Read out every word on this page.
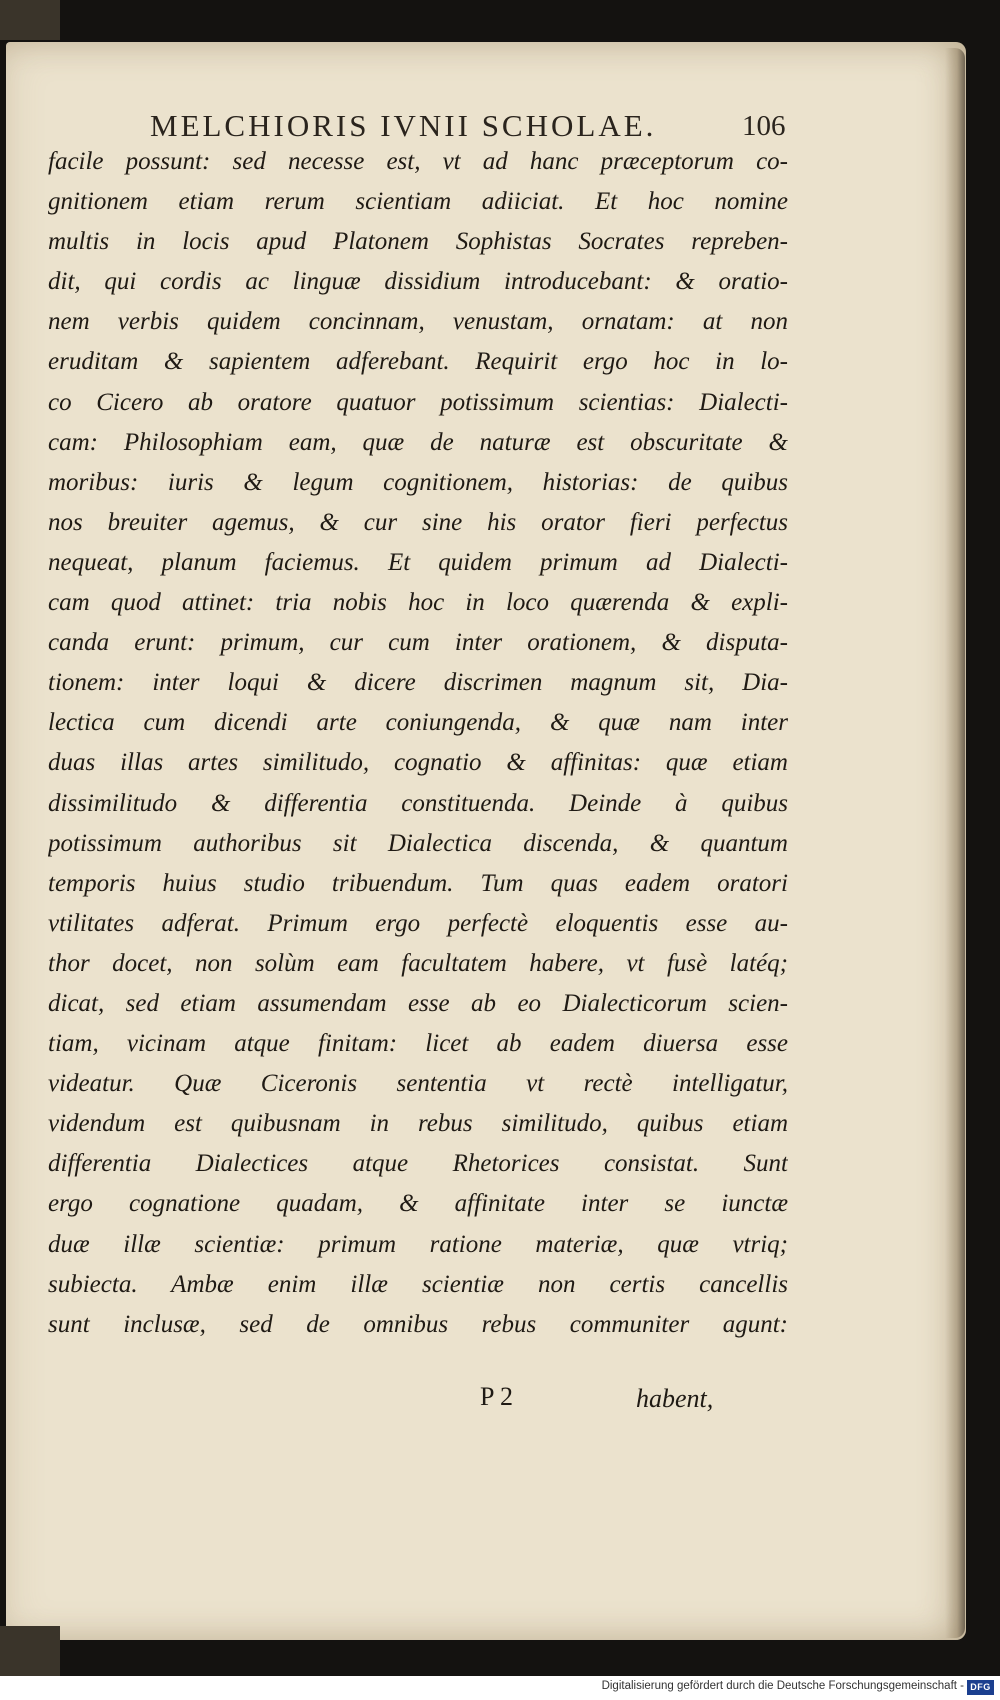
MELCHIORIS IVNII SCHOLAE.	106
facile possunt: sed necesse est, vt ad hanc præceptorum co-
gnitionem etiam rerum scientiam adiiciat. Et hoc nomine
multis in locis apud Platonem Sophistas Socrates repreben-
dit, qui cordis ac linguæ dissidium introducebant: & oratio-
nem verbis quidem concinnam, venustam, ornatam: at non
eruditam & sapientem adferebant. Requirit ergo hoc in lo-
co Cicero ab oratore quatuor potissimum scientias: Dialecti-
cam: Philosophiam eam, quæ de naturæ est obscuritate &
moribus: iuris & legum cognitionem, historias: de quibus
nos breuiter agemus, & cur sine his orator fieri perfectus
nequeat, planum faciemus. Et quidem primum ad Dialecti-
cam quod attinet: tria nobis hoc in loco quærenda & expli-
canda erunt: primum, cur cum inter orationem, & disputa-
tionem: inter loqui & dicere discrimen magnum sit, Dia-
lectica cum dicendi arte coniungenda, & quæ nam inter
duas illas artes similitudo, cognatio & affinitas: quæ etiam
dissimilitudo & differentia constituenda. Deinde à quibus
potissimum authoribus sit Dialectica discenda, & quantum
temporis huius studio tribuendum. Tum quas eadem oratori
vtilitates adferat. Primum ergo perfectè eloquentis esse au-
thor docet, non solùm eam facultatem habere, vt fusè latéq;
dicat, sed etiam assumendam esse ab eo Dialecticorum scien-
tiam, vicinam atque finitam: licet ab eadem diuersa esse
videatur. Quæ Ciceronis sententia vt rectè intelligatur,
videndum est quibusnam in rebus similitudo, quibus etiam
differentia Dialectices atque Rhetorices consistat. Sunt
ergo cognatione quadam, & affinitate inter se iunctæ
duæ illæ scientiæ: primum ratione materiæ, quæ vtriq;
subiecta. Ambæ enim illæ scientiæ non certis cancellis
sunt inclusæ, sed de omnibus rebus communiter agunt:
P 2	habent,
Digitalisierung gefördert durch die Deutsche Forschungsgemeinschaft - DFG
